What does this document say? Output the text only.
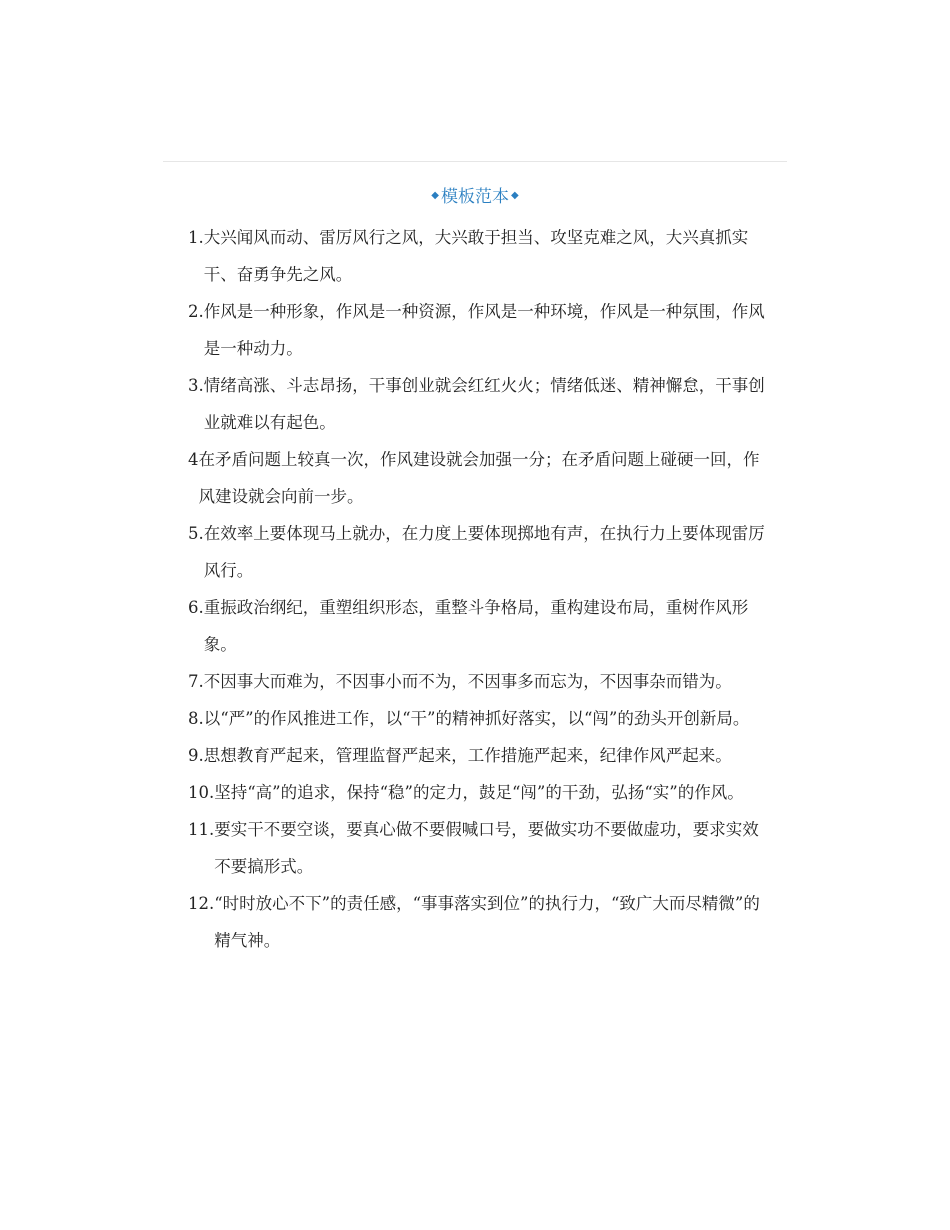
◆ 模板范本 ◆
1. 大兴闻风而动、雷厉风行之风，大兴敢于担当、攻坚克难之风，大兴真抓实干、奋勇争先之风。
2. 作风是一种形象，作风是一种资源，作风是一种环境，作风是一种氛围，作风是一种动力。
3. 情绪高涨、斗志昂扬，干事创业就会红红火火；情绪低迷、精神懈怠，干事创业就难以有起色。
4 在矛盾问题上较真一次，作风建设就会加强一分；在矛盾问题上碰硬一回，作风建设就会向前一步。
5. 在效率上要体现马上就办，在力度上要体现掷地有声，在执行力上要体现雷厉风行。
6. 重振政治纲纪，重塑组织形态，重整斗争格局，重构建设布局，重树作风形象。
7. 不因事大而难为，不因事小而不为，不因事多而忘为，不因事杂而错为。
8. 以“严”的作风推进工作，以“干”的精神抓好落实，以“闯”的劲头开创新局。
9. 思想教育严起来，管理监督严起来，工作措施严起来，纪律作风严起来。
10. 坚持“高”的追求，保持“稳”的定力，鼓足“闯”的干劲，弘扬“实”的作风。
11. 要实干不要空谈，要真心做不要假喊口号，要做实功不要做虚功，要求实效不要搞形式。
12. “时时放心不下”的责任感，“事事落实到位”的执行力，“致广大而尽精微”的精气神。
